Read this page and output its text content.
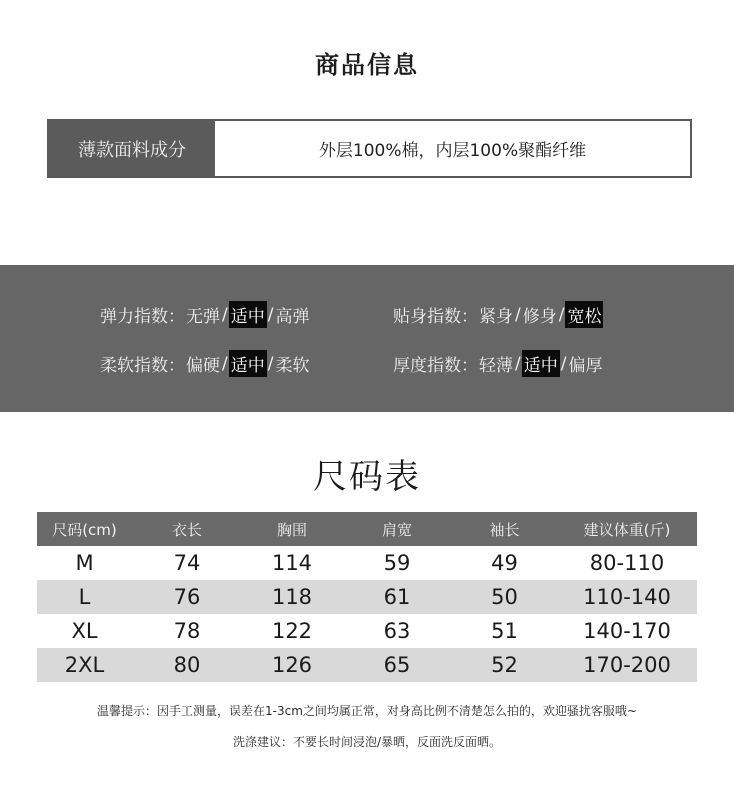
商品信息
薄款面料成分	外层100%棉，内层100%聚酯纤维
弹力指数： 无弹 / 适中 / 高弹	贴身指数： 紧身 / 修身 / 宽松
柔软指数： 偏硬 / 适中 / 柔软	厚度指数： 轻薄 / 适中 / 偏厚
尺码表
尺码(cm)	衣长	胸围	肩宽	袖长	建议体重(斤)
M	74	114	59	49	80-110
L	76	118	61	50	110-140
XL	78	122	63	51	140-170
2XL	80	126	65	52	170-200
温馨提示：因手工测量，误差在1-3cm之间均属正常，对身高比例不清楚怎么拍的，欢迎骚扰客服哦~
洗涤建议：不要长时间浸泡/暴晒，反面洗反面晒。
